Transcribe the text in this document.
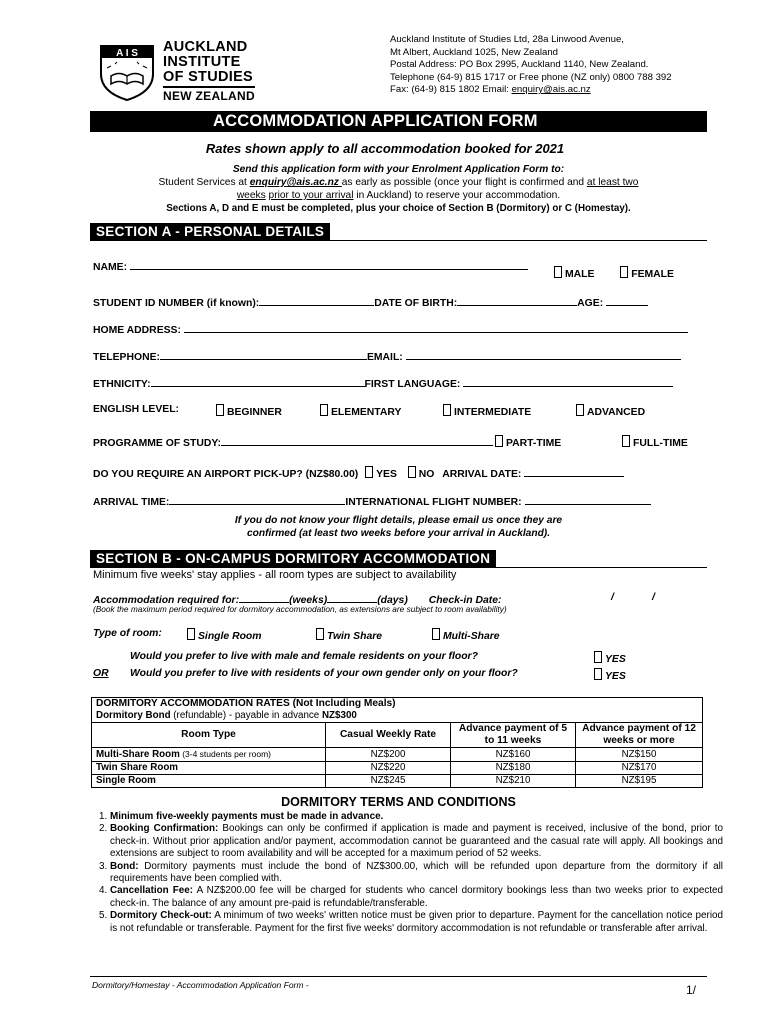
A I S AUCKLAND
INSTITUTE
OF STUDIES
NEW ZEALAND
Auckland Institute of Studies Ltd, 28a Linwood Avenue,
Mt Albert, Auckland 1025, New Zealand
Postal Address: PO Box 2995, Auckland 1140, New Zealand.
Telephone (64-9) 815 1717 or Free phone (NZ only) 0800 788 392
Fax: (64-9) 815 1802 Email: enquiry@ais.ac.nz
ACCOMMODATION APPLICATION FORM
Rates shown apply to all accommodation booked for 2021
Send this application form with your Enrolment Application Form to:
Student Services at enquiry@ais.ac.nz as early as possible (once your flight is confirmed and at least two
weeks prior to your arrival in Auckland) to reserve your accommodation.
Sections A, D and E must be completed, plus your choice of Section B (Dormitory) or C (Homestay).
SECTION A - PERSONAL DETAILS
NAME:
MALE	FEMALE
STUDENT ID NUMBER (if known):	DATE OF BIRTH:	AGE:
HOME ADDRESS:
TELEPHONE:	EMAIL:
ETHNICITY:	FIRST LANGUAGE:
ENGLISH LEVEL:	BEGINNER	ELEMENTARY	INTERMEDIATE	ADVANCED
PROGRAMME OF STUDY:	PART-TIME	FULL-TIME
DO YOU REQUIRE AN AIRPORT PICK-UP? (NZ$80.00) YES NO ARRIVAL DATE:
ARRIVAL TIME:	INTERNATIONAL FLIGHT NUMBER:
If you do not know your flight details, please email us once they are
confirmed (at least two weeks before your arrival in Auckland).
SECTION B - ON-CAMPUS DORMITORY ACCOMMODATION
Minimum five weeks' stay applies - all room types are subject to availability
Accommodation required for:	(weeks)	(days) Check-in Date:	/	/
(Book the maximum period required for dormitory accommodation, as extensions are subject to room availability)
Type of room:	Single Room	Twin Share	Multi-Share
Would you prefer to live with male and female residents on your floor?	YES
OR Would you prefer to live with residents of your own gender only on your floor?	YES
DORMITORY ACCOMMODATION RATES (Not Including Meals)			
Dormitory Bond (refundable) - payable in advance NZ$300			
Room Type	Casual Weekly Rate	Advance payment of 5 to 11 weeks	Advance payment of 12 weeks or more
Multi-Share Room (3-4 students per room)	NZ$200	NZ$160	NZ$150
Twin Share Room	NZ$220	NZ$180	NZ$170
Single Room	NZ$245	NZ$210	NZ$195
DORMITORY TERMS AND CONDITIONS
1. Minimum five-weekly payments must be made in advance.
2. Booking Confirmation: Bookings can only be confirmed if application is made and payment is received, inclusive of the bond, prior to check-in. Without prior application and/or payment, accommodation cannot be guaranteed and the casual rate will apply. All bookings and extensions are subject to room availability and will be accepted for a maximum period of 52 weeks.
3. Bond: Dormitory payments must include the bond of NZ$300.00, which will be refunded upon departure from the dormitory if all requirements have been complied with.
4. Cancellation Fee: A NZ$200.00 fee will be charged for students who cancel dormitory bookings less than two weeks prior to expected check-in. The balance of any amount pre-paid is refundable/transferable.
5. Dormitory Check-out: A minimum of two weeks' written notice must be given prior to departure. Payment for the cancellation notice period is not refundable or transferable. Payment for the first five weeks' dormitory accommodation is not refundable or transferable after arrival.
Dormitory/Homestay - Accommodation Application Form -	1/
